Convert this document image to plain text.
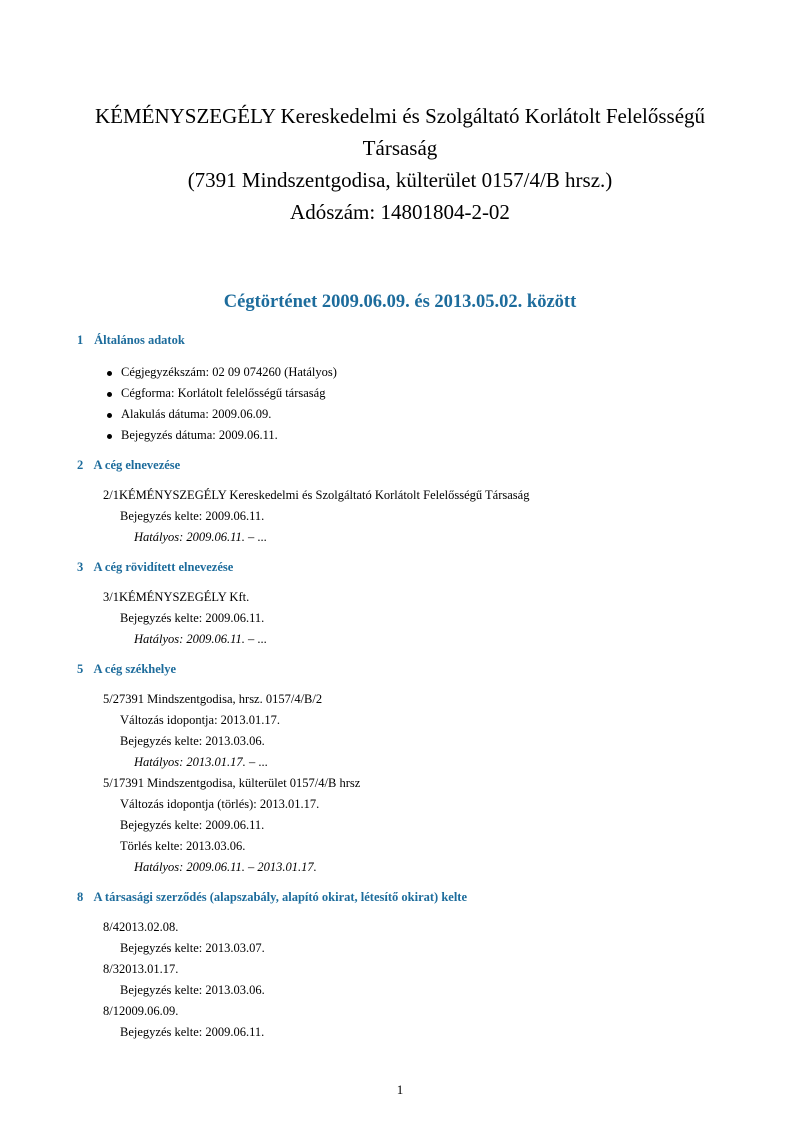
KÉMÉNYSZEGÉLY Kereskedelmi és Szolgáltató Korlátolt Felelősségű
Társaság
(7391 Mindszentgodisa, külterület 0157/4/B hrsz.)
Adószám: 14801804-2-02
Cégtörténet 2009.06.09. és 2013.05.02. között
1 Általános adatok
Cégjegyzékszám: 02 09 074260 (Hatályos)
Cégforma: Korlátolt felelősségű társaság
Alakulás dátuma: 2009.06.09.
Bejegyzés dátuma: 2009.06.11.
2 A cég elnevezése
2/1 KÉMÉNYSZEGÉLY Kereskedelmi és Szolgáltató Korlátolt Felelősségű Társaság
Bejegyzés kelte: 2009.06.11.
Hatályos: 2009.06.11. – ...
3 A cég rövidített elnevezése
3/1 KÉMÉNYSZEGÉLY Kft.
Bejegyzés kelte: 2009.06.11.
Hatályos: 2009.06.11. – ...
5 A cég székhelye
5/2 7391 Mindszentgodisa, hrsz. 0157/4/B/2
Változás idopontja: 2013.01.17.
Bejegyzés kelte: 2013.03.06.
Hatályos: 2013.01.17. – ...
5/1 7391 Mindszentgodisa, külterület 0157/4/B hrsz
Változás idopontja (törlés): 2013.01.17.
Bejegyzés kelte: 2009.06.11.
Törlés kelte: 2013.03.06.
Hatályos: 2009.06.11. – 2013.01.17.
8 A társasági szerződés (alapszabály, alapító okirat, létesítő okirat) kelte
8/4 2013.02.08.
Bejegyzés kelte: 2013.03.07.
8/3 2013.01.17.
Bejegyzés kelte: 2013.03.06.
8/1 2009.06.09.
Bejegyzés kelte: 2009.06.11.
1
